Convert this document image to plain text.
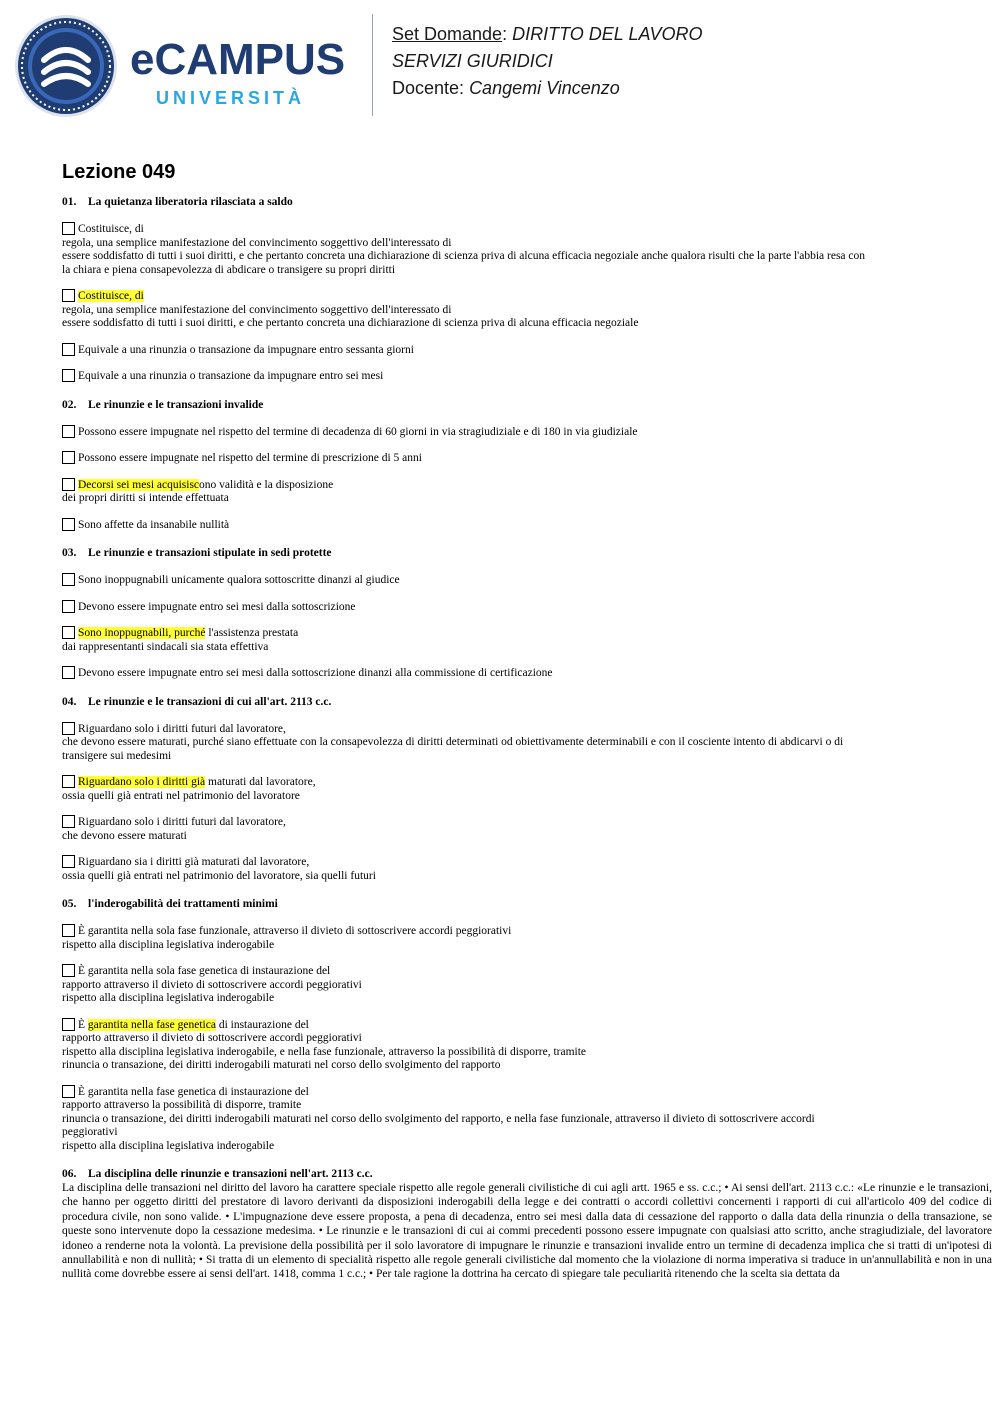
eCAMPUS
UNIVERSITÀ
Set Domande: DIRITTO DEL LAVORO
SERVIZI GIURIDICI
Docente: Cangemi Vincenzo
Lezione 049
01. La quietanza liberatoria rilasciata a saldo
Costituisce, di
regola, una semplice manifestazione del convincimento soggettivo dell'interessato di
essere soddisfatto di tutti i suoi diritti, e che pertanto concreta una dichiarazione di scienza priva di alcuna efficacia negoziale anche qualora risulti che la parte l'abbia resa con
la chiara e piena consapevolezza di abdicare o transigere su propri diritti
Costituisce, di
regola, una semplice manifestazione del convincimento soggettivo dell'interessato di
essere soddisfatto di tutti i suoi diritti, e che pertanto concreta una dichiarazione di scienza priva di alcuna efficacia negoziale
Equivale a una rinunzia o transazione da impugnare entro sessanta giorni
Equivale a una rinunzia o transazione da impugnare entro sei mesi
02. Le rinunzie e le transazioni invalide
Possono essere impugnate nel rispetto del termine di decadenza di 60 giorni in via stragiudiziale e di 180 in via giudiziale
Possono essere impugnate nel rispetto del termine di prescrizione di 5 anni
Decorsi sei mesi acquisiscono validità e la disposizione
dei propri diritti si intende effettuata
Sono affette da insanabile nullità
03. Le rinunzie e transazioni stipulate in sedi protette
Sono inoppugnabili unicamente qualora sottoscritte dinanzi al giudice
Devono essere impugnate entro sei mesi dalla sottoscrizione
Sono inoppugnabili, purché l'assistenza prestata
dai rappresentanti sindacali sia stata effettiva
Devono essere impugnate entro sei mesi dalla sottoscrizione dinanzi alla commissione di certificazione
04. Le rinunzie e le transazioni di cui all'art. 2113 c.c.
Riguardano solo i diritti futuri dal lavoratore,
che devono essere maturati, purché siano effettuate con la consapevolezza di diritti determinati od obiettivamente determinabili e con il cosciente intento di abdicarvi o di
transigere sui medesimi
Riguardano solo i diritti già maturati dal lavoratore,
ossia quelli già entrati nel patrimonio del lavoratore
Riguardano solo i diritti futuri dal lavoratore,
che devono essere maturati
Riguardano sia i diritti già maturati dal lavoratore,
ossia quelli già entrati nel patrimonio del lavoratore, sia quelli futuri
05. l'inderogabilità dei trattamenti minimi
È garantita nella sola fase funzionale, attraverso il divieto di sottoscrivere accordi peggiorativi
rispetto alla disciplina legislativa inderogabile
È garantita nella sola fase genetica di instaurazione del
rapporto attraverso il divieto di sottoscrivere accordi peggiorativi
rispetto alla disciplina legislativa inderogabile
È garantita nella fase genetica di instaurazione del
rapporto attraverso il divieto di sottoscrivere accordi peggiorativi
rispetto alla disciplina legislativa inderogabile, e nella fase funzionale, attraverso la possibilità di disporre, tramite
rinuncia o transazione, dei diritti inderogabili maturati nel corso dello svolgimento del rapporto
È garantita nella fase genetica di instaurazione del
rapporto attraverso la possibilità di disporre, tramite
rinuncia o transazione, dei diritti inderogabili maturati nel corso dello svolgimento del rapporto, e nella fase funzionale, attraverso il divieto di sottoscrivere accordi
peggiorativi
rispetto alla disciplina legislativa inderogabile
06. La disciplina delle rinunzie e transazioni nell'art. 2113 c.c.
La disciplina delle transazioni nel diritto del lavoro ha carattere speciale rispetto alle regole generali civilistiche di cui agli artt. 1965 e ss. c.c.; • Ai sensi dell'art. 2113 c.c.: «Le rinunzie e le transazioni, che hanno per oggetto diritti del prestatore di lavoro derivanti da disposizioni inderogabili della legge e dei contratti o accordi collettivi concernenti i rapporti di cui all'articolo 409 del codice di procedura civile, non sono valide. • L'impugnazione deve essere proposta, a pena di decadenza, entro sei mesi dalla data di cessazione del rapporto o dalla data della rinunzia o della transazione, se queste sono intervenute dopo la cessazione medesima. • Le rinunzie e le transazioni di cui ai commi precedenti possono essere impugnate con qualsiasi atto scritto, anche stragiudiziale, del lavoratore idoneo a renderne nota la volontà. La previsione della possibilità per il solo lavoratore di impugnare le rinunzie e transazioni invalide entro un termine di decadenza implica che si tratti di un'ipotesi di annullabilità e non di nullità; • Si tratta di un elemento di specialità rispetto alle regole generali civilistiche dal momento che la violazione di norma imperativa si traduce in un'annullabilità e non in una nullità come dovrebbe essere ai sensi dell'art. 1418, comma 1 c.c.; • Per tale ragione la dottrina ha cercato di spiegare tale peculiarità ritenendo che la scelta sia dettata da
